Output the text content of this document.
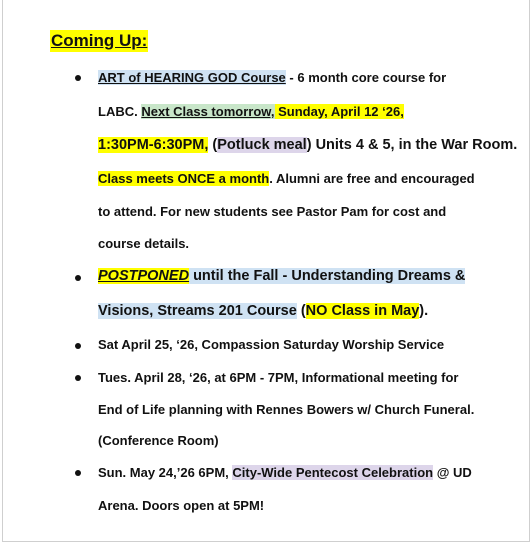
Coming Up:
ART of HEARING GOD Course - 6 month core course for
LABC. Next Class tomorrow, Sunday, April 12 ‘26,
1:30PM-6:30PM, (Potluck meal) Units 4 & 5, in the War Room.
Class meets ONCE a month. Alumni are free and encouraged
to attend. For new students see Pastor Pam for cost and
course details.
POSTPONED until the Fall - Understanding Dreams &
Visions, Streams 201 Course (NO Class in May).
Sat April 25, ‘26, Compassion Saturday Worship Service
Tues. April 28, ‘26, at 6PM - 7PM, Informational meeting for
End of Life planning with Rennes Bowers w/ Church Funeral.
(Conference Room)
Sun. May 24,’26 6PM, City-Wide Pentecost Celebration @ UD
Arena. Doors open at 5PM!
